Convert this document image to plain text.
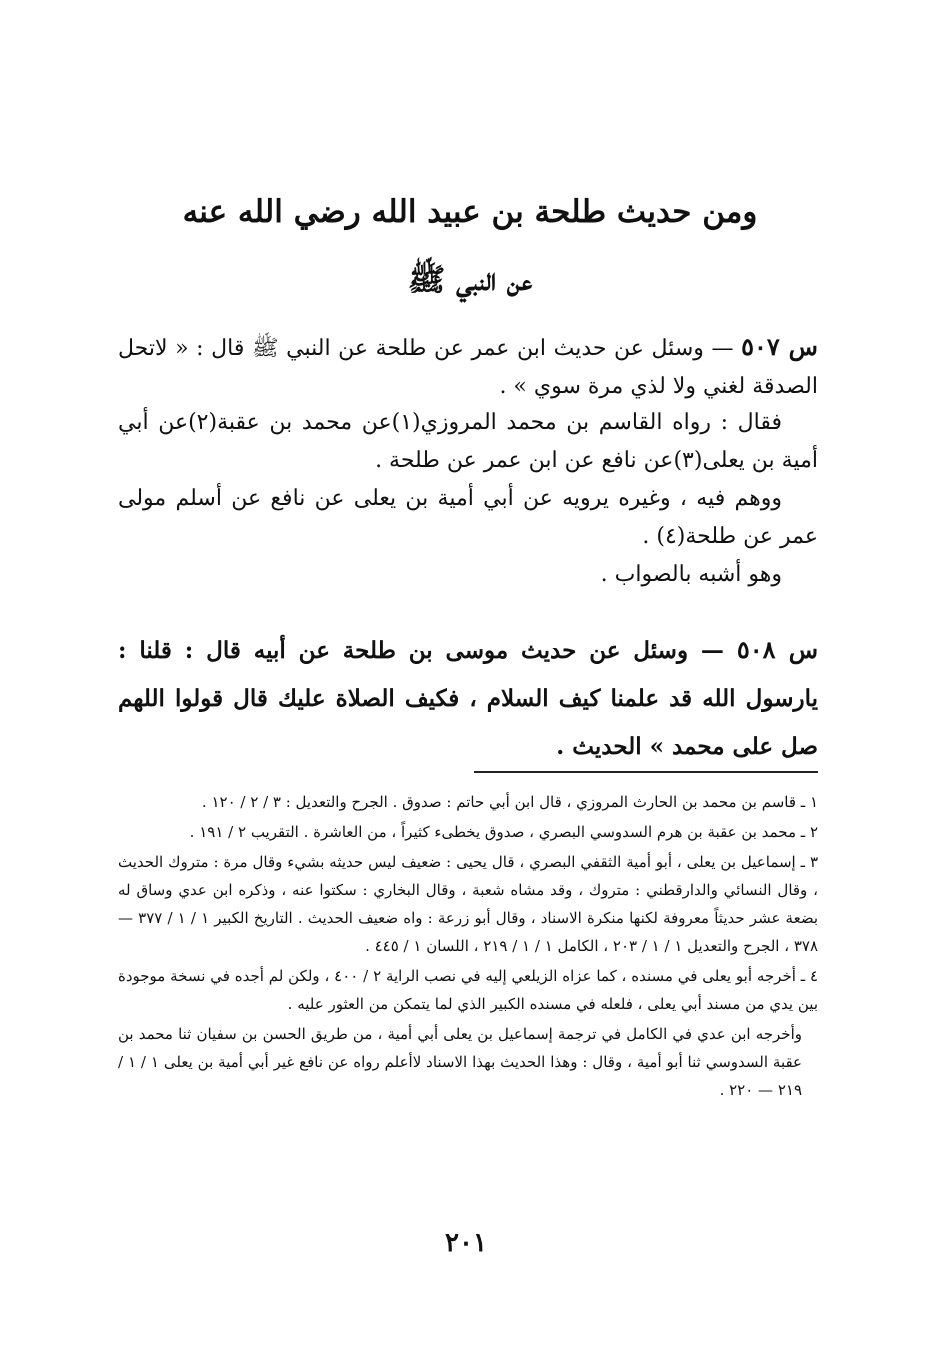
ومن حديث طلحة بن عبيد الله رضي الله عنه
عن النبي ﷺ
س ٥٠٧ — وسئل عن حديث ابن عمر عن طلحة عن النبي ﷺ قال : « لاتحل الصدقة لغني ولا لذي مرة سوي » .
فقال : رواه القاسم بن محمد المروزي(١)عن محمد بن عقبة(٢)عن أبي أمية بن يعلى(٣)عن نافع عن ابن عمر عن طلحة .
ووهم فيه ، وغيره يرويه عن أبي أمية بن يعلى عن نافع عن أسلم مولى عمر عن طلحة(٤) .
وهو أشبه بالصواب .
س ٥٠٨ — وسئل عن حديث موسى بن طلحة عن أبيه قال : قلنا : يارسول الله قد علمنا كيف السلام ، فكيف الصلاة عليك قال قولوا اللهم صل على محمد » الحديث .
١ ـ قاسم بن محمد بن الحارث المروزي ، قال ابن أبي حاتم : صدوق . الجرح والتعديل : ٣ / ٢ / ١٢٠ .
٢ ـ محمد بن عقبة بن هرم السدوسي البصري ، صدوق يخطىء كثيراً ، من العاشرة . التقريب ٢ / ١٩١ .
٣ ـ إسماعيل بن يعلى ، أبو أمية الثقفي البصري ، قال يحيى : ضعيف ليس حديثه بشيء وقال مرة : متروك الحديث ، وقال النسائي والدارقطني : متروك ، وقد مشاه شعبة ، وقال البخاري : سكتوا عنه ، وذكره ابن عدي وساق له بضعة عشر حديثاً معروفة لكنها منكرة الاسناد ، وقال أبو زرعة : واه ضعيف الحديث . التاريخ الكبير ١ / ١ / ٣٧٧ — ٣٧٨ ، الجرح والتعديل ١ / ١ / ٢٠٣ ، الكامل ١ / ١ / ٢١٩ ، اللسان ١ / ٤٤٥ .
٤ ـ أخرجه أبو يعلى في مسنده ، كما عزاه الزيلعي إليه في نصب الراية ٢ / ٤٠٠ ، ولكن لم أجده في نسخة موجودة بين يدي من مسند أبي يعلى ، فلعله في مسنده الكبير الذي لما يتمكن من العثور عليه .
وأخرجه ابن عدي في الكامل في ترجمة إسماعيل بن يعلى أبي أمية ، من طريق الحسن بن سفيان ثنا محمد بن عقبة السدوسي ثنا أبو أمية ، وقال : وهذا الحديث بهذا الاسناد لاأعلم رواه عن نافع غير أبي أمية بن يعلى ١ / ١ / ٢١٩ — ٢٢٠ .
٢٠١
